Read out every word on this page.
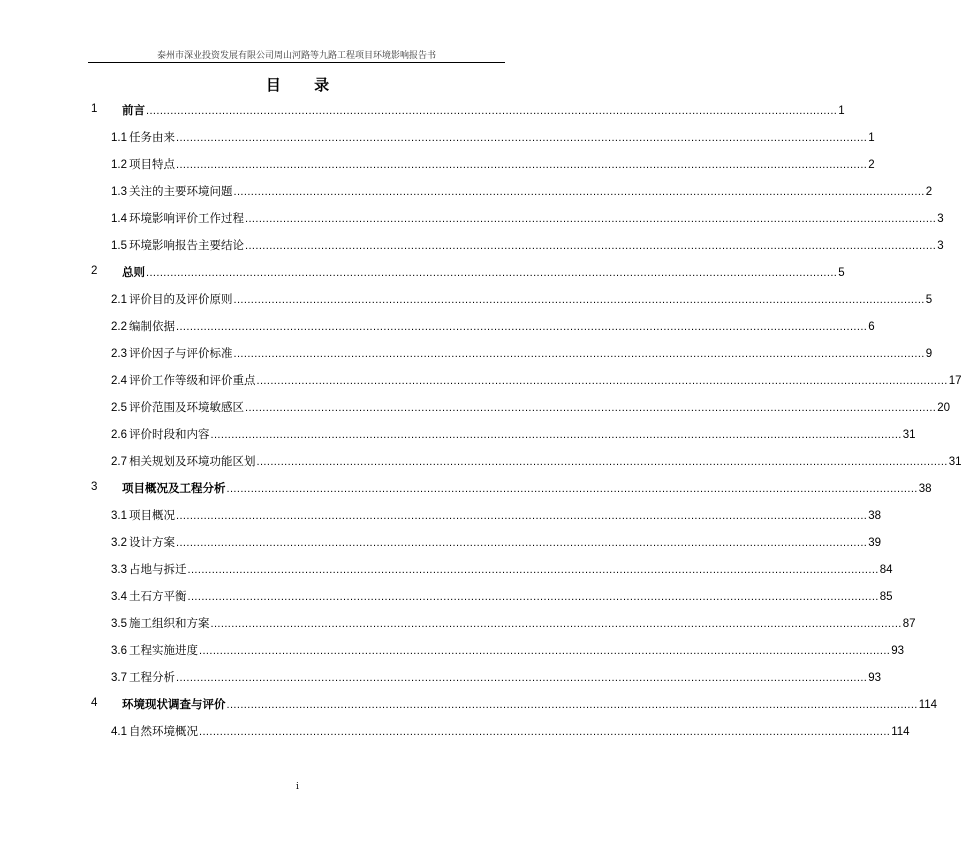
泰州市深业投资发展有限公司周山河路等九路工程项目环境影响报告书
目 录
1 前言 ........................................................................................................................................................................................................ 1
1.1 任务由来 ........................................................................................................................................................................................................ 1
1.2 项目特点 ........................................................................................................................................................................................................ 2
1.3 关注的主要环境问题 ........................................................................................................................................................................................................ 2
1.4 环境影响评价工作过程 ........................................................................................................................................................................................................ 3
1.5 环境影响报告主要结论 ........................................................................................................................................................................................................ 3
2 总则 ........................................................................................................................................................................................................ 5
2.1 评价目的及评价原则 ........................................................................................................................................................................................................ 5
2.2 编制依据 ........................................................................................................................................................................................................ 6
2.3 评价因子与评价标准 ........................................................................................................................................................................................................ 9
2.4 评价工作等级和评价重点 ........................................................................................................................................................................................................ 17
2.5 评价范围及环境敏感区 ........................................................................................................................................................................................................ 20
2.6 评价时段和内容 ........................................................................................................................................................................................................ 31
2.7 相关规划及环境功能区划 ........................................................................................................................................................................................................ 31
3 项目概况及工程分析 ........................................................................................................................................................................................................ 38
3.1 项目概况 ........................................................................................................................................................................................................ 38
3.2 设计方案 ........................................................................................................................................................................................................ 39
3.3 占地与拆迁 ........................................................................................................................................................................................................ 84
3.4 土石方平衡 ........................................................................................................................................................................................................ 85
3.5 施工组织和方案 ........................................................................................................................................................................................................ 87
3.6 工程实施进度 ........................................................................................................................................................................................................ 93
3.7 工程分析 ........................................................................................................................................................................................................ 93
4 环境现状调查与评价 ........................................................................................................................................................................................................ 114
4.1 自然环境概况 ........................................................................................................................................................................................................ 114
i
